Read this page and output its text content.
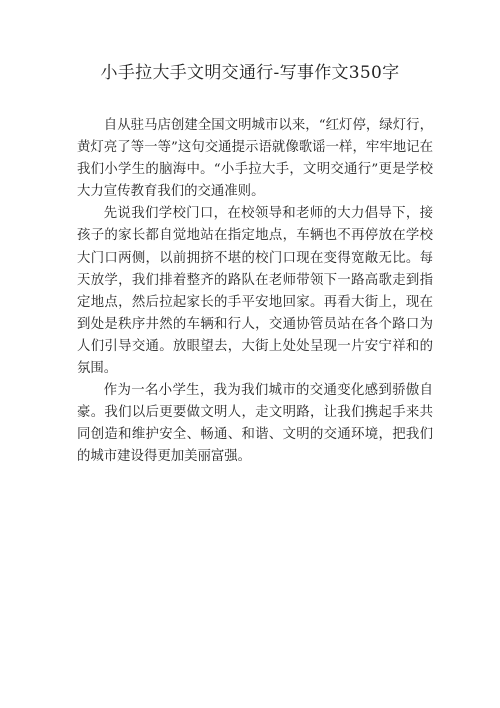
小手拉大手文明交通行-写事作文350字

自从驻马店创建全国文明城市以来，“红灯停，绿灯行，黄灯亮了等一等”这句交通提示语就像歌谣一样，牢牢地记在我们小学生的脑海中。“小手拉大手，文明交通行”更是学校大力宣传教育我们的交通准则。

先说我们学校门口，在校领导和老师的大力倡导下，接孩子的家长都自觉地站在指定地点，车辆也不再停放在学校大门口两侧，以前拥挤不堪的校门口现在变得宽敞无比。每天放学，我们排着整齐的路队在老师带领下一路高歌走到指定地点，然后拉起家长的手平安地回家。再看大街上，现在到处是秩序井然的车辆和行人，交通协管员站在各个路口为人们引导交通。放眼望去，大街上处处呈现一片安宁祥和的氛围。

作为一名小学生，我为我们城市的交通变化感到骄傲自豪。我们以后更要做文明人，走文明路，让我们携起手来共同创造和维护安全、畅通、和谐、文明的交通环境，把我们的城市建设得更加美丽富强。
